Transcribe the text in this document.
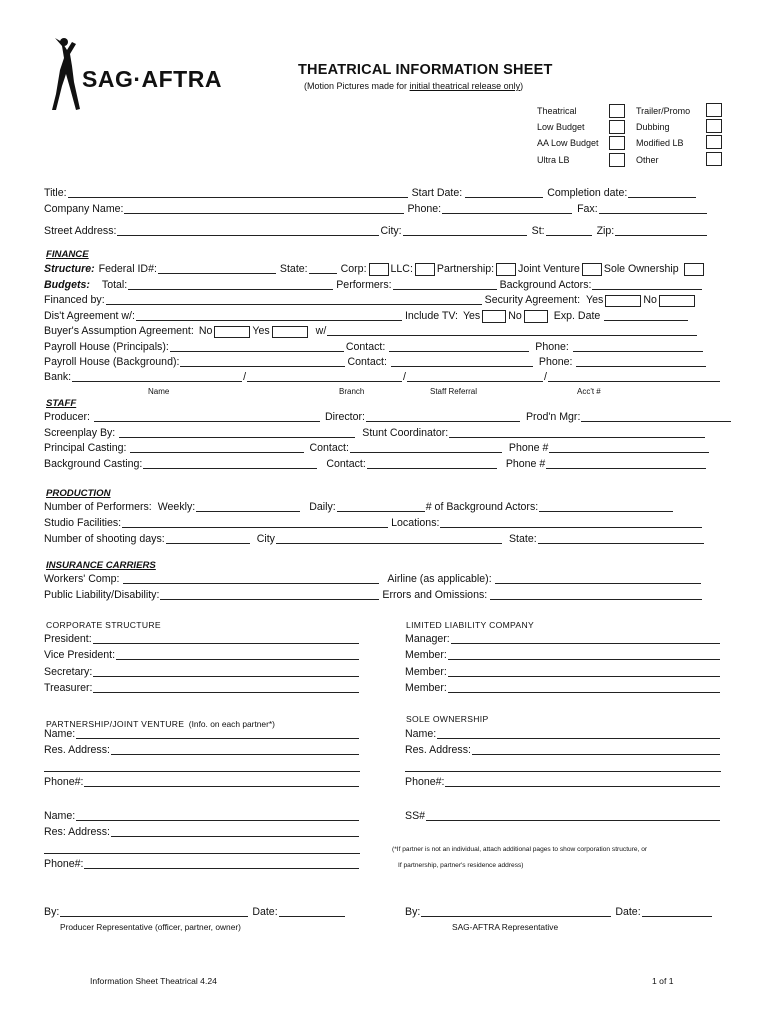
SAG·AFTRA	THEATRICAL INFORMATION SHEET
(Motion Pictures made for initial theatrical release only)
Theatrical
Low Budget
AA Low Budget
Ultra LB
Trailer/Promo
Dubbing
Modified LB
Other
Title:	Start Date:	Completion date:
Company Name:	Phone:	Fax:
Street Address:	City:	St:	Zip:
FINANCE
Structure: Federal ID#:	State:	Corp: LLC: Partnership: Joint Venture Sole Ownership
Budgets: Total:	Performers:	Background Actors:
Financed by:	Security Agreement: Yes	No
Dis't Agreement w/:	Include TV: Yes	No	Exp. Date
Buyer's Assumption Agreement: No	Yes	w/
Payroll House (Principals):	Contact:	Phone:
Payroll House (Background):	Contact:	Phone:
Bank:	/	/	/
Name	Branch	Staff Referral	Acc't #
STAFF
Producer:	Director:	Prod'n Mgr:
Screenplay By:	Stunt Coordinator:
Principal Casting:	Contact:	Phone #
Background Casting:	Contact:	Phone #
PRODUCTION
Number of Performers: Weekly:	Daily:	# of Background Actors:
Studio Facilities:	Locations:
Number of shooting days:	City	State:
INSURANCE CARRIERS
Workers' Comp:	Airline (as applicable):
Public Liability/Disability:	Errors and Omissions:
CORPORATE STRUCTURE	LIMITED LIABILITY COMPANY
President:
Vice President:
Secretary:
Treasurer:
Manager:
Member:
Member:
Member:
PARTNERSHIP/JOINT VENTURE (Info. on each partner*)	SOLE OWNERSHIP
Name:
Res. Address:
Phone#:
Name:
Res: Address:
Phone#:
Name:
Res. Address:
Phone#:
SS#
(*If partner is not an individual, attach additional pages to show corporation structure, or
If partnership, partner's residence address)
By:	Date:
Producer Representative (officer, partner, owner)
By:	Date:
SAG-AFTRA Representative
Information Sheet Theatrical 4.24	1 of 1
